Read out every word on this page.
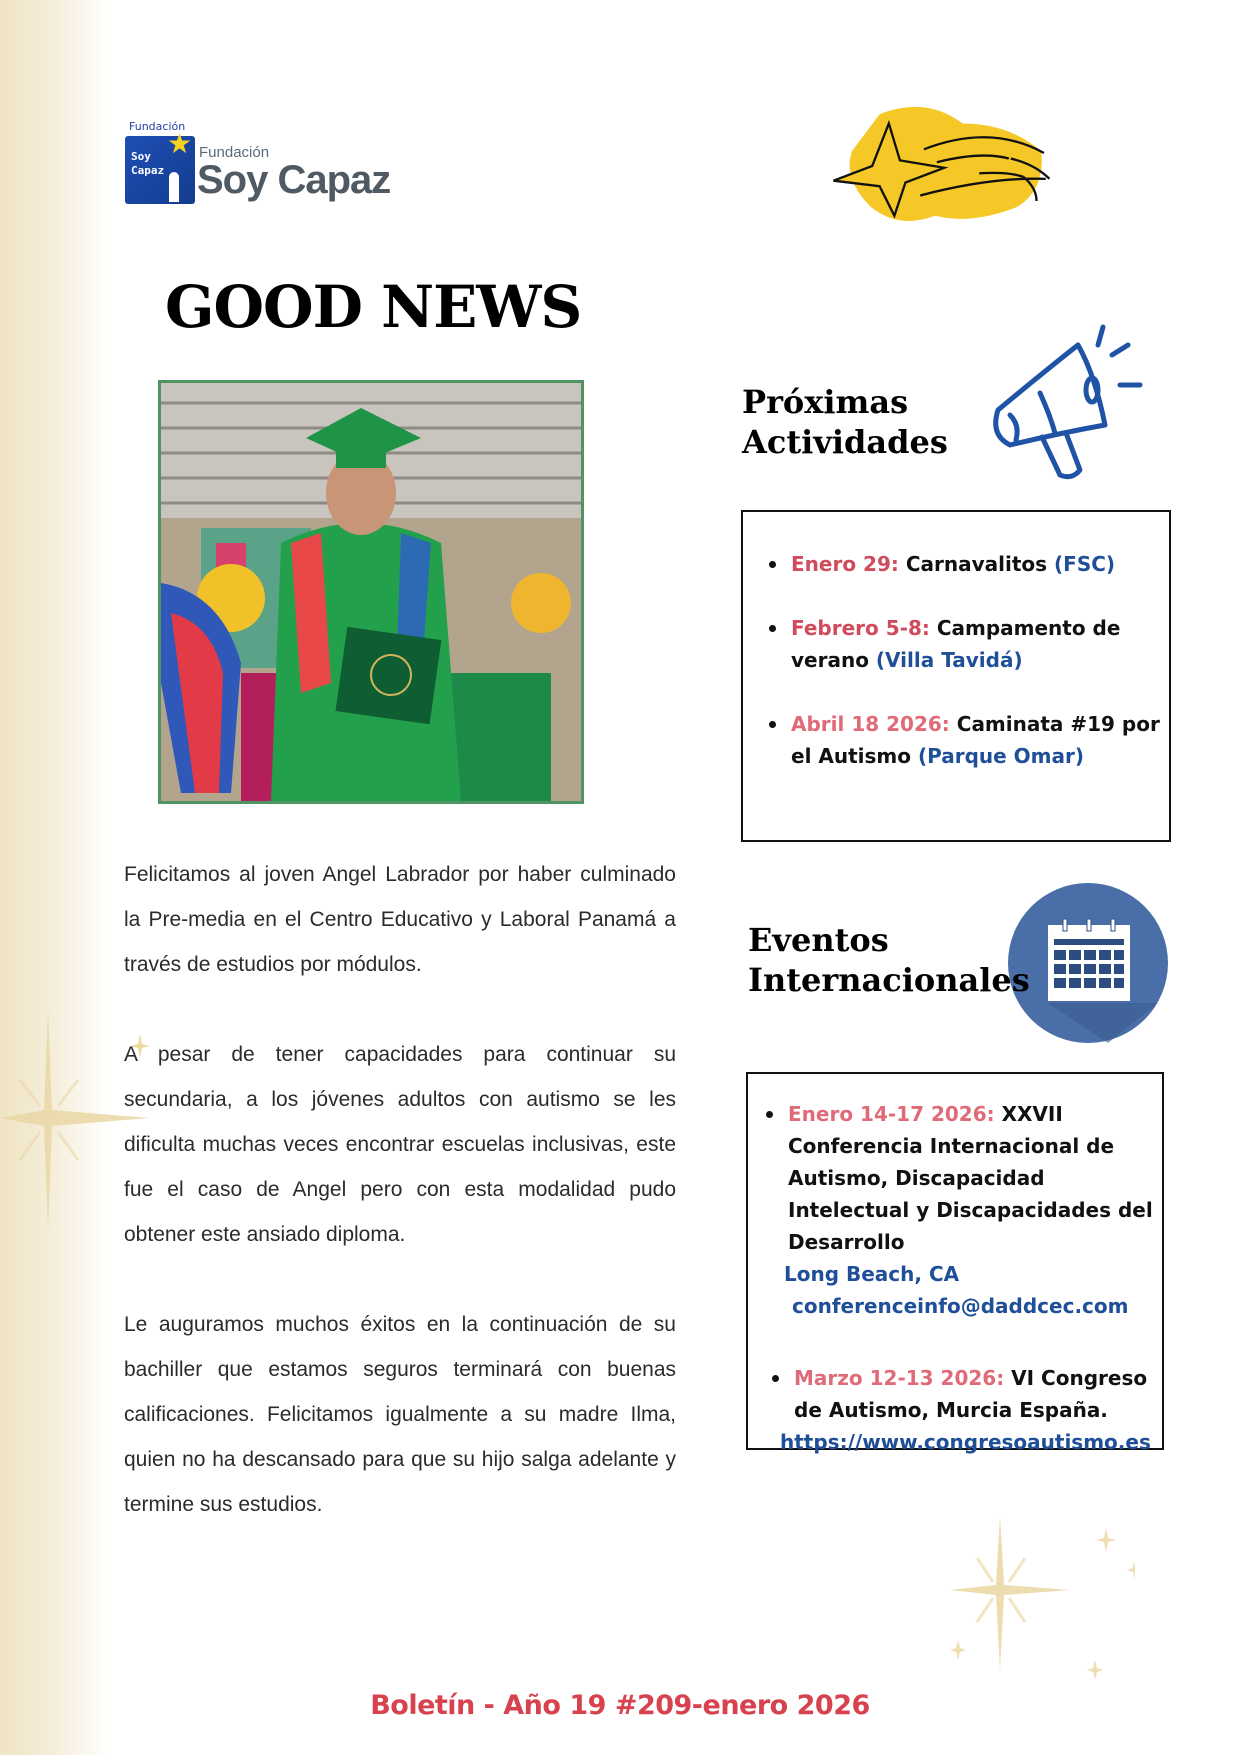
Fundación
★
Soy
Capaz
Fundación
Soy Capaz
GOOD NEWS

Felicitamos al joven Angel Labrador por haber culminado la Pre-media en el Centro Educativo y Laboral Panamá a través de estudios por módulos.

A pesar de tener capacidades para continuar su secundaria, a los jóvenes adultos con autismo se les dificulta muchas veces encontrar escuelas inclusivas, este fue el caso de Angel pero con esta modalidad pudo obtener este ansiado diploma.

Le auguramos muchos éxitos en la continuación de su bachiller que estamos seguros terminará con buenas calificaciones. Felicitamos igualmente a su madre Ilma, quien no ha descansado para que su hijo salga adelante y termine sus estudios.

Próximas
Actividades
Enero 29: Carnavalitos (FSC)
Febrero 5-8: Campamento de verano (Villa Tavidá)
Abril 18 2026: Caminata #19 por el Autismo (Parque Omar)
Eventos
Internacionales
Enero 14-17 2026: XXVII Conferencia Internacional de Autismo, Discapacidad Intelectual y Discapacidades del Desarrollo
Long Beach, CA
conferenceinfo@daddcec.com
Marzo 12-13 2026: VI Congreso de Autismo, Murcia España.
https://www.congresoautismo.es
Boletín - Año 19 #209-enero 2026
